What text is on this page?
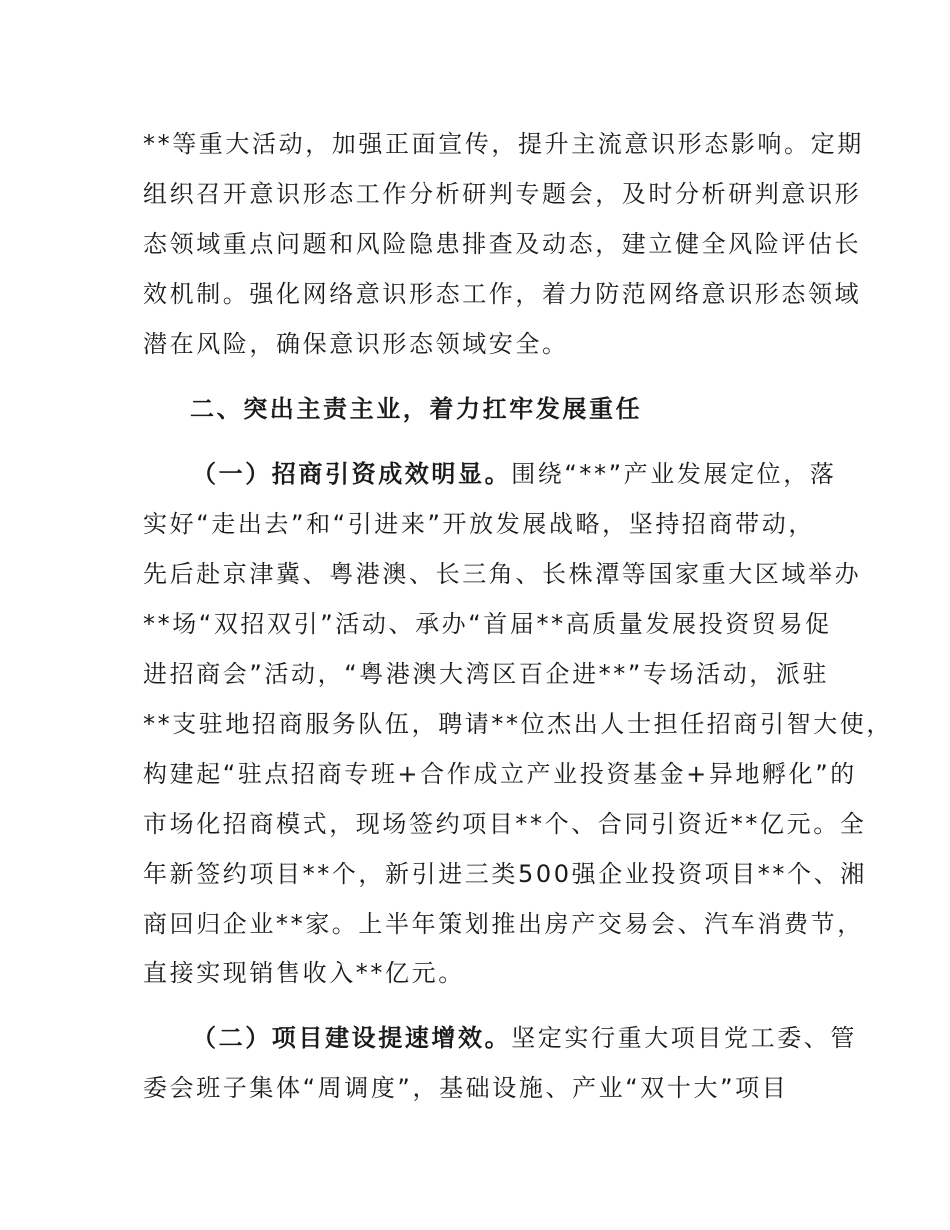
**等重大活动，加强正面宣传，提升主流意识形态影响。定期
组织召开意识形态工作分析研判专题会，及时分析研判意识形
态领域重点问题和风险隐患排查及动态，建立健全风险评估长
效机制。强化网络意识形态工作，着力防范网络意识形态领域
潜在风险，确保意识形态领域安全。
二、突出主责主业，着力扛牢发展重任
（一）招商引资成效明显。围绕“**”产业发展定位，落
实好“走出去”和“引进来”开放发展战略，坚持招商带动，
先后赴京津冀、粤港澳、长三角、长株潭等国家重大区域举办
**场“双招双引”活动、承办“首届**高质量发展投资贸易促
进招商会”活动，“粤港澳大湾区百企进**”专场活动，派驻
**支驻地招商服务队伍，聘请**位杰出人士担任招商引智大使，
构建起“驻点招商专班+合作成立产业投资基金+异地孵化”的
市场化招商模式，现场签约项目**个、合同引资近**亿元。全
年新签约项目**个，新引进三类500强企业投资项目**个、湘
商回归企业**家。上半年策划推出房产交易会、汽车消费节，
直接实现销售收入**亿元。
（二）项目建设提速增效。坚定实行重大项目党工委、管
委会班子集体“周调度”，基础设施、产业“双十大”项目
